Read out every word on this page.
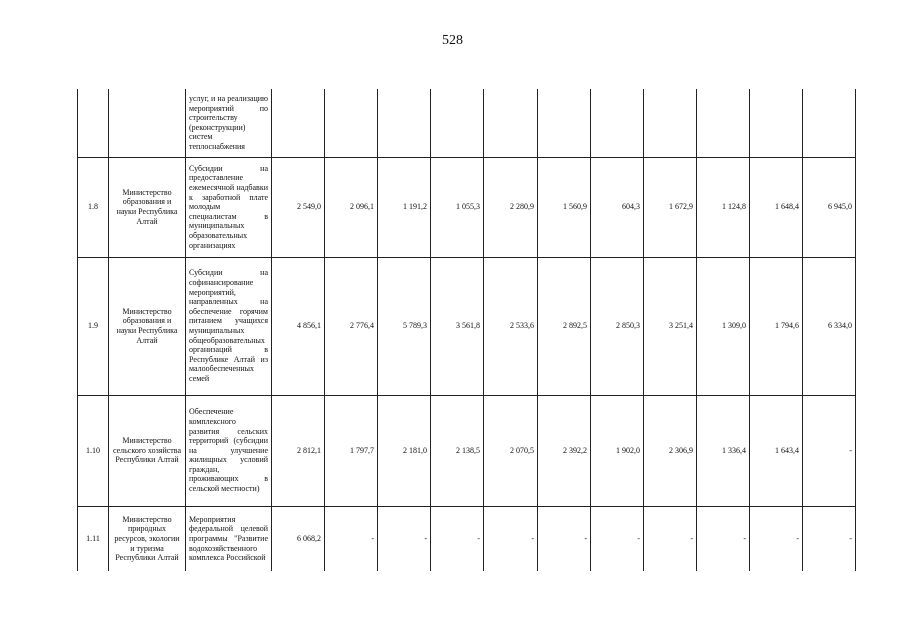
528
		услуг, и на реализацию мероприятий по строительству (реконструкции) систем теплоснабжения											
1.8	Министерство образования и науки Республика Алтай	Субсидии на предоставление ежемесячной надбавки к заработной плате молодым специалистам в муниципальных образовательных организациях	2 549,0	2 096,1	1 191,2	1 055,3	2 280,9	1 560,9	604,3	1 672,9	1 124,8	1 648,4	6 945,0
1.9	Министерство образования и науки Республика Алтай	Субсидии на софинансирование мероприятий, направленных на обеспечение горячим питанием учащихся муниципальных общеобразовательных организаций в Республике Алтай из малообеспеченных семей	4 856,1	2 776,4	5 789,3	3 561,8	2 533,6	2 892,5	2 850,3	3 251,4	1 309,0	1 794,6	6 334,0
1.10	Министерство сельского хозяйства Республики Алтай	Обеспечение комплексного развития сельских территорий (субсидии на улучшение жилищных условий граждан, проживающих в сельской местности)	2 812,1	1 797,7	2 181,0	2 138,5	2 070,5	2 392,2	1 902,0	2 306,9	1 336,4	1 643,4	-
1.11	Министерство природных ресурсов, экологии и туризма Республики Алтай	Мероприятия федеральной целевой программы "Развитие водохозяйственного комплекса Российской	6 068,2	-	-	-	-	-	-	-	-	-	-
